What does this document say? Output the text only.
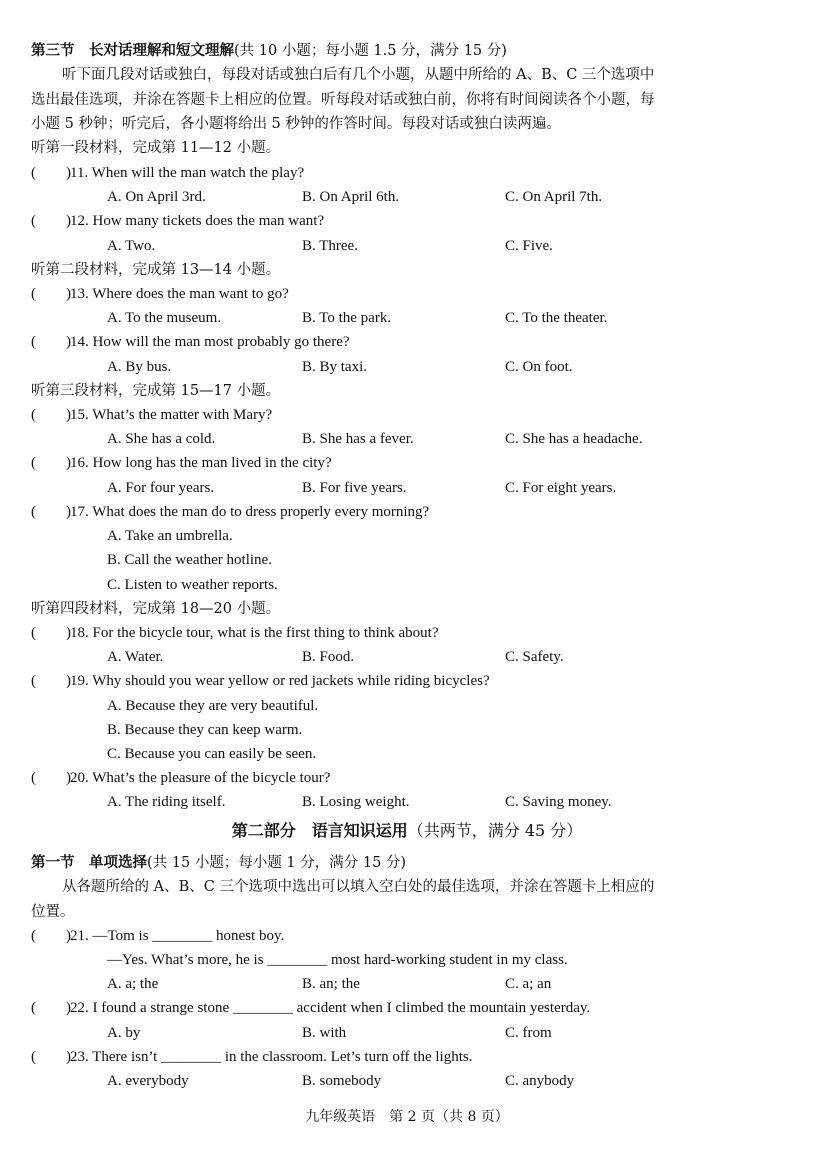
第三节　长对话理解和短文理解(共 10 小题；每小题 1.5 分，满分 15 分)
听下面几段对话或独白，每段对话或独白后有几个小题，从题中所给的 A、B、C 三个选项中
选出最佳选项，并涂在答题卡上相应的位置。听每段对话或独白前，你将有时间阅读各个小题，每
小题 5 秒钟；听完后，各小题将给出 5 秒钟的作答时间。每段对话或独白读两遍。
听第一段材料，完成第 11—12 小题。
(　　) 11. When will the man watch the play?
A. On April 3rd.	B. On April 6th.	C. On April 7th.
(　　) 12. How many tickets does the man want?
A. Two.	B. Three.	C. Five.
听第二段材料，完成第 13—14 小题。
(　　) 13. Where does the man want to go?
A. To the museum.	B. To the park.	C. To the theater.
(　　) 14. How will the man most probably go there?
A. By bus.	B. By taxi.	C. On foot.
听第三段材料，完成第 15—17 小题。
(　　) 15. What’s the matter with Mary?
A. She has a cold.	B. She has a fever.	C. She has a headache.
(　　) 16. How long has the man lived in the city?
A. For four years.	B. For five years.	C. For eight years.
(　　) 17. What does the man do to dress properly every morning?
A. Take an umbrella.
B. Call the weather hotline.
C. Listen to weather reports.
听第四段材料，完成第 18—20 小题。
(　　) 18. For the bicycle tour, what is the first thing to think about?
A. Water.	B. Food.	C. Safety.
(　　) 19. Why should you wear yellow or red jackets while riding bicycles?
A. Because they are very beautiful.
B. Because they can keep warm.
C. Because you can easily be seen.
(　　) 20. What’s the pleasure of the bicycle tour?
A. The riding itself.	B. Losing weight.	C. Saving money.
第二部分　语言知识运用（共两节，满分 45 分）
第一节　单项选择(共 15 小题；每小题 1 分，满分 15 分)
从各题所给的 A、B、C 三个选项中选出可以填入空白处的最佳选项，并涂在答题卡上相应的
位置。
(　　) 21. —Tom is ________ honest boy.
—Yes. What’s more, he is ________ most hard-working student in my class.
A. a; the	B. an; the	C. a; an
(　　) 22. I found a strange stone ________ accident when I climbed the mountain yesterday.
A. by	B. with	C. from
(　　) 23. There isn’t ________ in the classroom. Let’s turn off the lights.
A. everybody	B. somebody	C. anybody
九年级英语　第 2 页（共 8 页）
